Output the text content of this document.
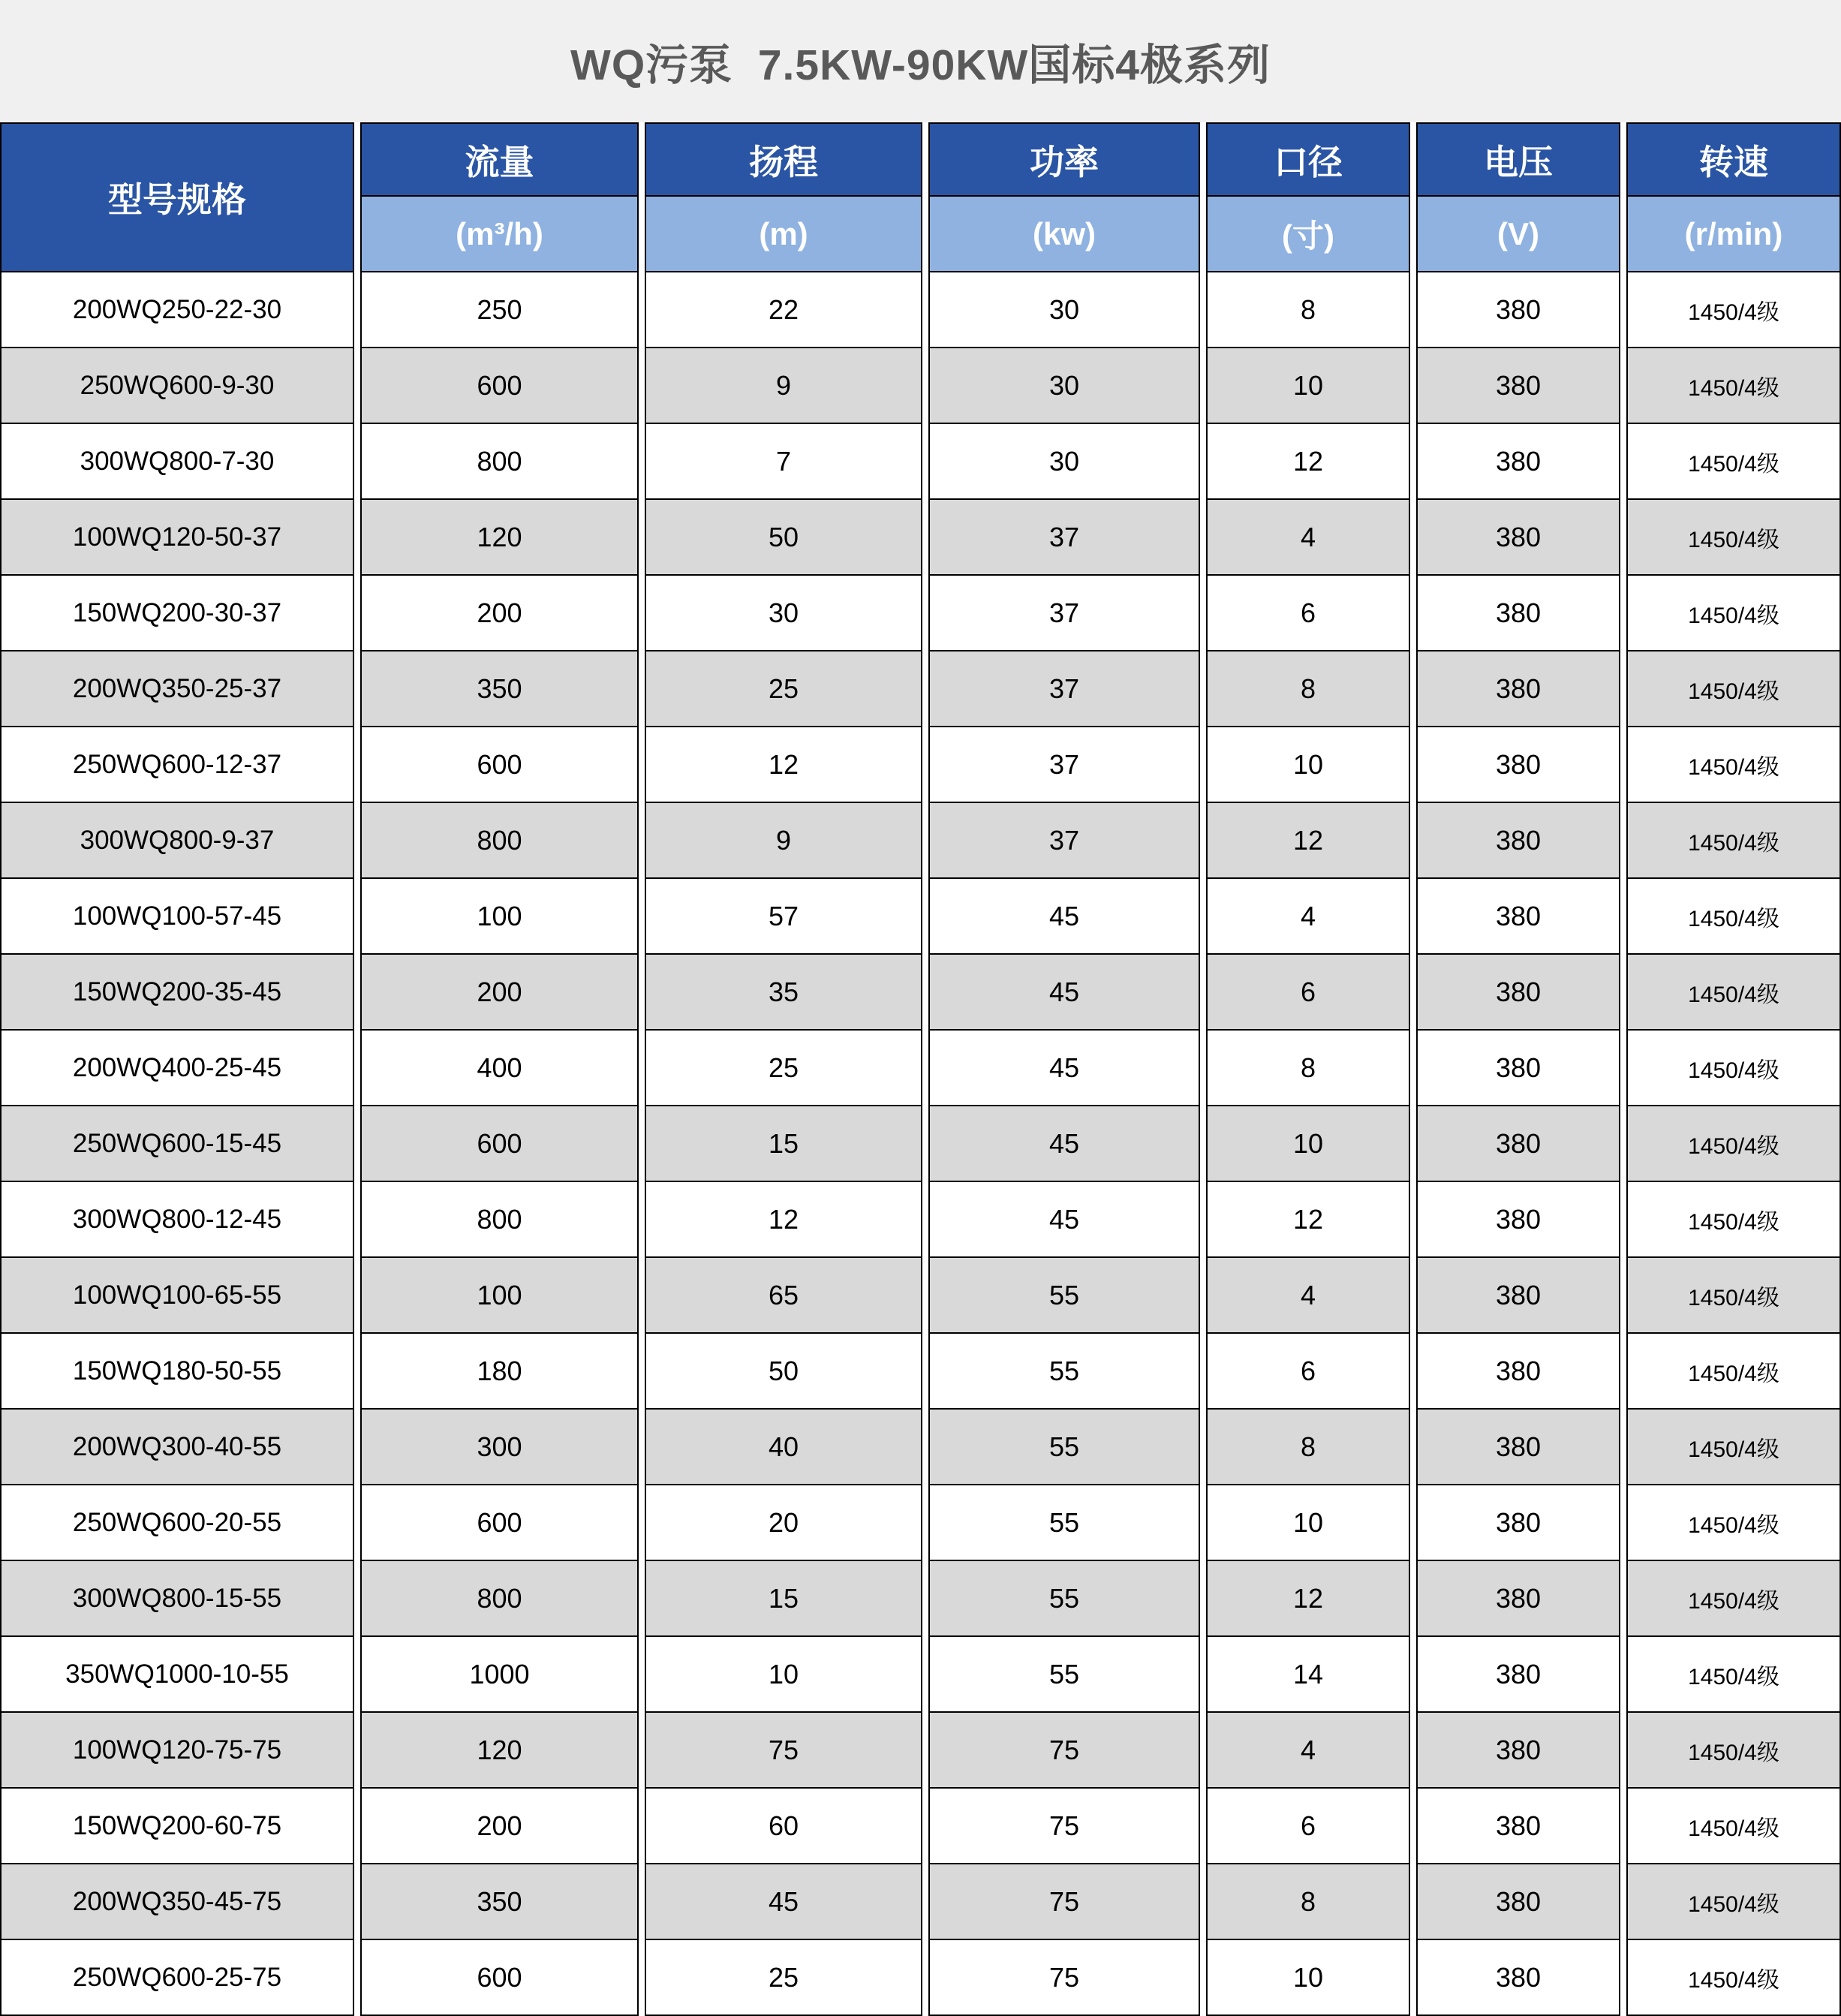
WQ污泵  7.5KW-90KW国标4极系列
型号规格
流量	扬程	功率	口径	电压	转速
(m³/h)	(m)	(kw)	(寸)	(V)	(r/min)
200WQ250-22-30	250	22	30	8	380	1450/4级
250WQ600-9-30	600	9	30	10	380	1450/4级
300WQ800-7-30	800	7	30	12	380	1450/4级
100WQ120-50-37	120	50	37	4	380	1450/4级
150WQ200-30-37	200	30	37	6	380	1450/4级
200WQ350-25-37	350	25	37	8	380	1450/4级
250WQ600-12-37	600	12	37	10	380	1450/4级
300WQ800-9-37	800	9	37	12	380	1450/4级
100WQ100-57-45	100	57	45	4	380	1450/4级
150WQ200-35-45	200	35	45	6	380	1450/4级
200WQ400-25-45	400	25	45	8	380	1450/4级
250WQ600-15-45	600	15	45	10	380	1450/4级
300WQ800-12-45	800	12	45	12	380	1450/4级
100WQ100-65-55	100	65	55	4	380	1450/4级
150WQ180-50-55	180	50	55	6	380	1450/4级
200WQ300-40-55	300	40	55	8	380	1450/4级
250WQ600-20-55	600	20	55	10	380	1450/4级
300WQ800-15-55	800	15	55	12	380	1450/4级
350WQ1000-10-55	1000	10	55	14	380	1450/4级
100WQ120-75-75	120	75	75	4	380	1450/4级
150WQ200-60-75	200	60	75	6	380	1450/4级
200WQ350-45-75	350	45	75	8	380	1450/4级
250WQ600-25-75	600	25	75	10	380	1450/4级
